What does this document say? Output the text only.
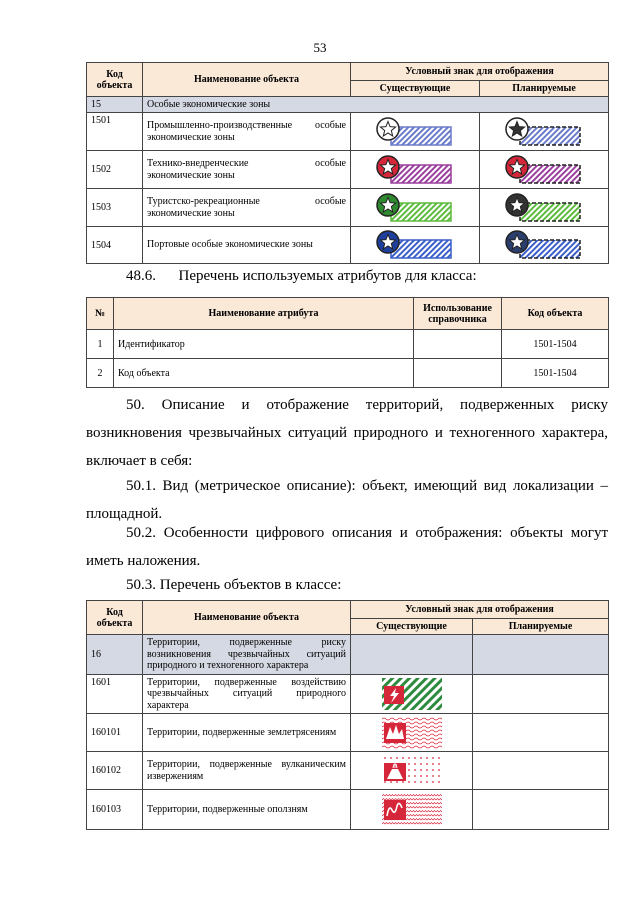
53
Код объекта	Наименование объекта	Условный знак для отображения	
		Существующие	Планируемые
15	Особые экономические зоны		
1501	Промышленно-производственные особые экономические зоны	

1502	Технико-внедренческие особые экономические зоны	

1503	Туристско-рекреационные особые экономические зоны	

1504	Портовые особые экономические зоны	

48.6. Перечень используемых атрибутов для класса:
№	Наименование атрибута	Использование справочника	Код объекта
1	Идентификатор		1501-1504
2	Код объекта		1501-1504
50. Описание и отображение территорий, подверженных риску возникновения чрезвычайных ситуаций природного и техногенного характера, включает в себя:
50.1. Вид (метрическое описание): объект, имеющий вид локализации – площадной.
50.2. Особенности цифрового описания и отображения: объекты могут иметь наложения.
50.3. Перечень объектов в классе:
Код объекта	Наименование объекта	Условный знак для отображения	
		Существующие	Планируемые
16	Территории, подверженные риску возникновения чрезвычайных ситуаций природного и техногенного характера		
1601	Территории, подверженные воздействию чрезвычайных ситуаций природного характера	

160101	Территории, подверженные землетрясениям	

160102	Территории, подверженные вулканическим извержениям	

160103	Территории, подверженные оползням	
